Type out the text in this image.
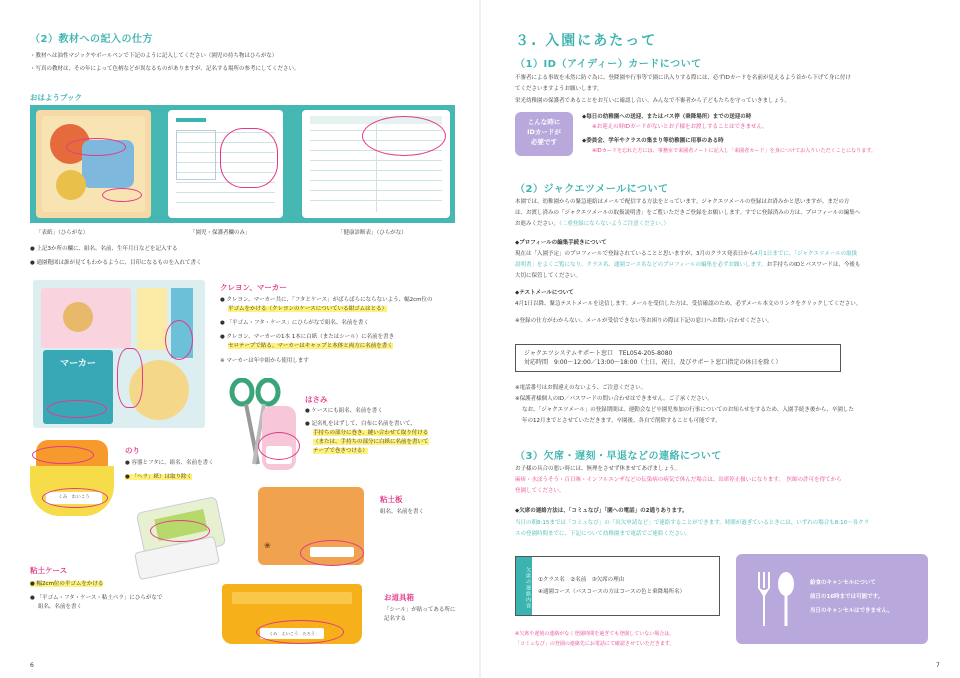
（2）教材への記入の仕方
・教材へは油性マジックやボールペンで下記のように記入してください（園児の持ち物はひらがな）
・写真の教材は、その年によって色柄などが異なるものがありますが、記名する場所の参考にしてください。
おはようブック
「表紙」（ひらがな）	「園児・保護者欄のみ」	「健康診断表」（ひらがな）
● 上記3か所の欄に、組名、名前、生年月日などを記入する
● 通園鞄図は誰が見てもわかるように、目印になるものを入れて書く
マーカー
クレヨン、マーカー
● クレヨン、マーカー共に、「フタとケース」がばらばらにならないよう、幅2cm位の
平ゴムをかける（クレヨンのケースについている紺ゴムはとる）
● 「平ゴム・フタ・ケース」にひらがなで組名、名前を書く
● クレヨン、マーカーの1本 1本に白紙（またはシール）に名前を書き
セロテープで貼る。マーカーはキャップと本体と両方に名前を書く
※ マーカーは年中組から使用します
はさみ
● ケースにも組名、名前を書く
● 記名札をはずして、白布に名前を書いて、
手持ちの部分に巻き、縫い合わせて取り付ける
（または、手持ちの部分に白紙に名前を書いて
テープで巻きつける）
くみ　れいこう
のり
● 容器とフタに、組名、名前を書く
● 「ヘラ」紙）は取り除く
❀
粘土板
組名、名前を書く
粘土ケース
● 幅2cm位の平ゴムをかける
● 「平ゴム・フタ・ケース・粘土ベラ」にひらがなで
組名、名前を書く
くみ　えいこう　たろう
お道具箱
「シール」が貼ってある所に
記名する
6
３. 入園にあたって
（1）ID（アイディー）カードについて
不審者による事故を未然に防ぐ為に、登降園や行事等で園に出入りする際には、必ずIDカードを名前が見えるよう首から下げて身に付け
てくださいますようお願いします。
栄光幼稚園の保護者であることをお互いに確認し合い、みんなで不審者から子どもたちを守っていきましょう。
こんな時に
IDカードが
必要です
◆毎日の幼稚園への送迎、またはバス停（乗降場所）までの送迎の時
※お迎えの時IDカードがないとお子様をお渡しすることはできません。
◆委員会、学年やクラスの集まり等幼稚園に用事のある時
※IDカードを忘れた方には、事務室で来園者ノートに記入し「来園者カード」を身につけてお入りいただくことになります。
（2）ジャクエツメールについて
本園では、幼稚園からの緊急連絡はメールで配信する方法をとっています。ジャクエツメールの登録はお済みかと思いますが、まだの方
は、お渡し済みの「ジャクエツメールの取扱説明書」をご覧いただきご登録をお願いします。すでに登録済みの方は、プロフィールの編集へ
お進みください。（二重登録にならないようご注意ください。）
◆プロフィールの編集手続きについて
現在は「入園予定」のプロフィールで登録されていることと思いますが、3月のクラス発表日から4月1日までに、「ジャクエツメールの取扱
説明書」をよくご覧になり、クラス名、通園コース名などのプロフィールの編集を必ずお願いします。お手持ちのIDとパスワードは、今後も
大切に保管してください。
◆テストメールについて
4月1日以降、緊急テストメールを送信します。メールを受信した方は、受信確認のため、必ずメール本文のリンクをクリックしてください。
※登録の仕方がわからない、メールが受信できない等お困りの際は下記の窓口へお問い合わせください。
ジャクエツシステムサポート窓口　TEL054-205-8080
対応時間　9:00～12:00／13:00～18:00（土日、祝日、及びサポート窓口指定の休日を除く）
※電話番号はお間違えのないよう、ご注意ください。
※保護者様個人のID／パスワードの問い合わせはできません。ご了承ください。
なお、「ジャクエツメール」の登録期間は、運動会など卒園児参加の行事についてのお知らせをするため、入園手続き後から、卒園した
年の12月までとさせていただきます。卒園後、各自で削除することも可能です。
（3）欠席・遅刻・早退などの連絡について
お子様の具合の悪い時には、無理をさせず休ませてあげましょう。
麻疹・水ぼうそう・百日咳・インフルエンザなどの伝染病の病気で休んだ場合は、出席停止扱いになります。　医師の許可を得てから
登園してください。
◆欠席の連絡方法は、「コミュなび」「園への電話」の2通りあります。
当日の朝8:15までは「コミュなび」の「出欠申請など」で連絡することができます。時間が過ぎているときには、いずれの場合も8:10～各クラ
スの登園時間までに、下記について幼稚園まで電話でご連絡ください。
欠席の連絡内容 ①クラス名　②名前　③欠席の理由
④通園コース（バスコースの方はコースの色と乗降場所名）
※欠席や遅刻の連絡がなく登園時間を過ぎても登園していない場合は、
「コミュなび」の登園の連絡先にお電話にて確認させていただきます。
給食のキャンセルについて
前日の16時までは可能です。
当日のキャンセルはできません。
7
